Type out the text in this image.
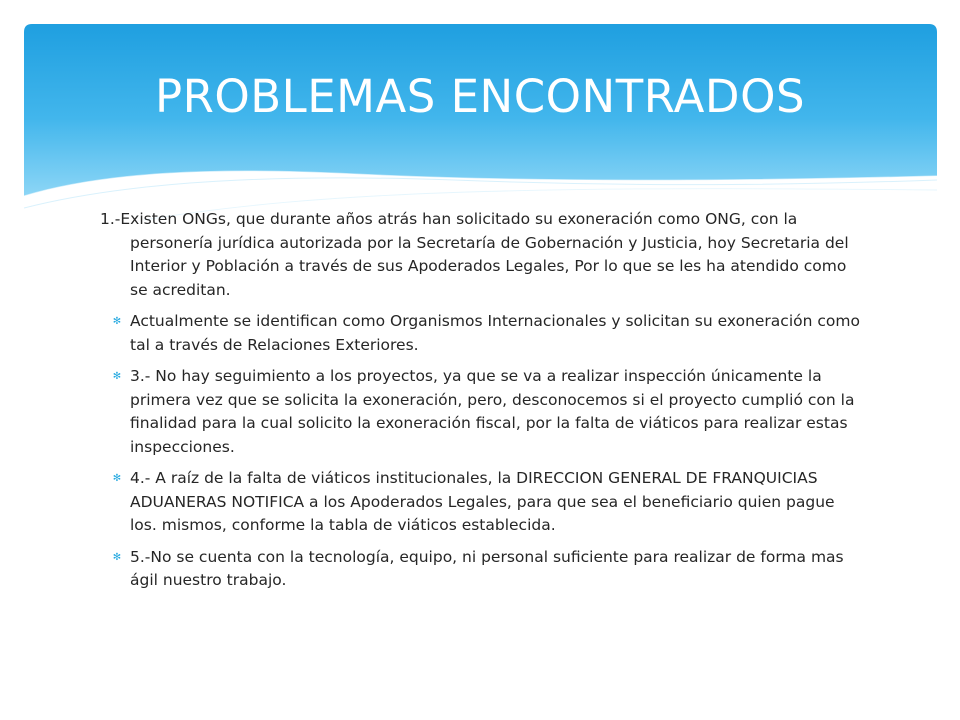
PROBLEMAS ENCONTRADOS
1.-Existen ONGs, que durante años atrás han solicitado su exoneración como ONG, con la personería jurídica autorizada por la Secretaría de Gobernación y Justicia, hoy Secretaria del Interior y Población a través de sus Apoderados Legales, Por lo que se les ha atendido como se acreditan.
✻ Actualmente se identifican como Organismos Internacionales y solicitan su exoneración como tal a través de Relaciones Exteriores.
✻ 3.- No hay seguimiento a los proyectos, ya que se va a realizar inspección únicamente la primera vez que se solicita la exoneración, pero, desconocemos si el proyecto cumplió con la finalidad para la cual solicito la exoneración fiscal, por la falta de viáticos para realizar estas inspecciones.
✻ 4.- A raíz de la falta de viáticos institucionales, la DIRECCION GENERAL DE FRANQUICIAS ADUANERAS NOTIFICA a los Apoderados Legales, para que sea el beneficiario quien pague los. mismos, conforme la tabla de viáticos establecida.
✻ 5.-No se cuenta con la tecnología, equipo, ni personal suficiente para realizar de forma mas ágil nuestro trabajo.
